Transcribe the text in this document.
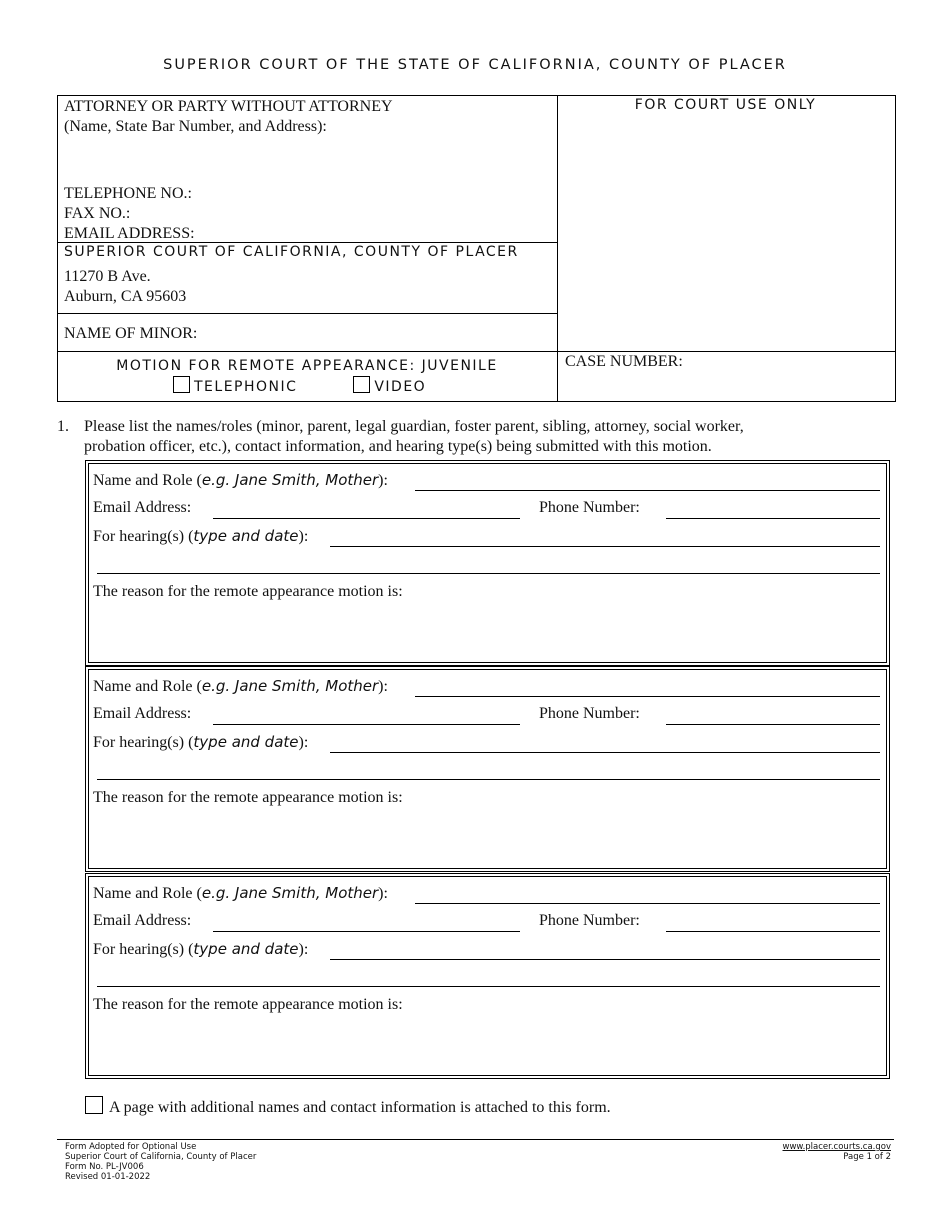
SUPERIOR COURT OF THE STATE OF CALIFORNIA, COUNTY OF PLACER
ATTORNEY OR PARTY WITHOUT ATTORNEY
(Name, State Bar Number, and Address):
TELEPHONE NO.:
FAX NO.:
EMAIL ADDRESS:
FOR COURT USE ONLY
SUPERIOR COURT OF CALIFORNIA, COUNTY OF PLACER
11270 B Ave.
Auburn, CA 95603
NAME OF MINOR:
MOTION FOR REMOTE APPEARANCE: JUVENILE
TELEPHONIC	VIDEO
CASE NUMBER:
1. Please list the names/roles (minor, parent, legal guardian, foster parent, sibling, attorney, social worker,
probation officer, etc.), contact information, and hearing type(s) being submitted with this motion.
Name and Role (e.g. Jane Smith, Mother):
Email Address:	Phone Number:
For hearing(s) (type and date):
The reason for the remote appearance motion is:
Name and Role (e.g. Jane Smith, Mother):
Email Address:	Phone Number:
For hearing(s) (type and date):
The reason for the remote appearance motion is:
Name and Role (e.g. Jane Smith, Mother):
Email Address:	Phone Number:
For hearing(s) (type and date):
The reason for the remote appearance motion is:
A page with additional names and contact information is attached to this form.
Form Adopted for Optional Use
Superior Court of California, County of Placer
Form No. PL-JV006
Revised 01-01-2022
www.placer.courts.ca.gov
Page 1 of 2
